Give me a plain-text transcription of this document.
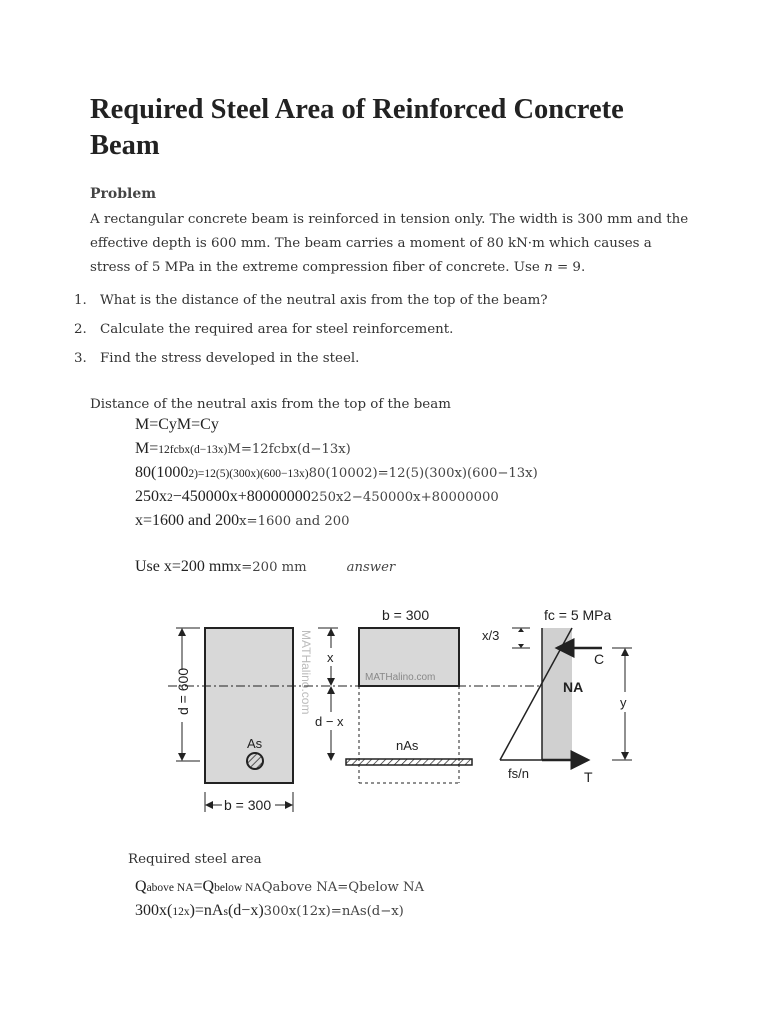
Required Steel Area of Reinforced Concrete Beam
Problem
A rectangular concrete beam is reinforced in tension only. The width is 300 mm and the effective depth is 600 mm. The beam carries a moment of 80 kN·m which causes a stress of 5 MPa in the extreme compression fiber of concrete. Use n = 9.
1. What is the distance of the neutral axis from the top of the beam?
2. Calculate the required area for steel reinforcement.
3. Find the stress developed in the steel.
Distance of the neutral axis from the top of the beam
M=CyM=Cy
M=12fcbx(d−13x)M=12fcbx(d−13x)
80(10002)=12(5)(300x)(600−13x)80(10002)=12(5)(300x)(600−13x)
250x2−450000x+80000000250x2−450000x+80000000
x=1600 and 200x=1600 and 200
Use x=200 mmx=200 mm	answer
As
MATHalino.com
d = 600
b = 300
x
d − x
b = 300
MATHalino.com
nAs
fc = 5 MPa
x/3
C
NA
T
fs/n
y
Required steel area
Qabove NA=Qbelow NAQabove NA=Qbelow NA
300x(12x)=nAs(d−x)300x(12x)=nAs(d−x)
